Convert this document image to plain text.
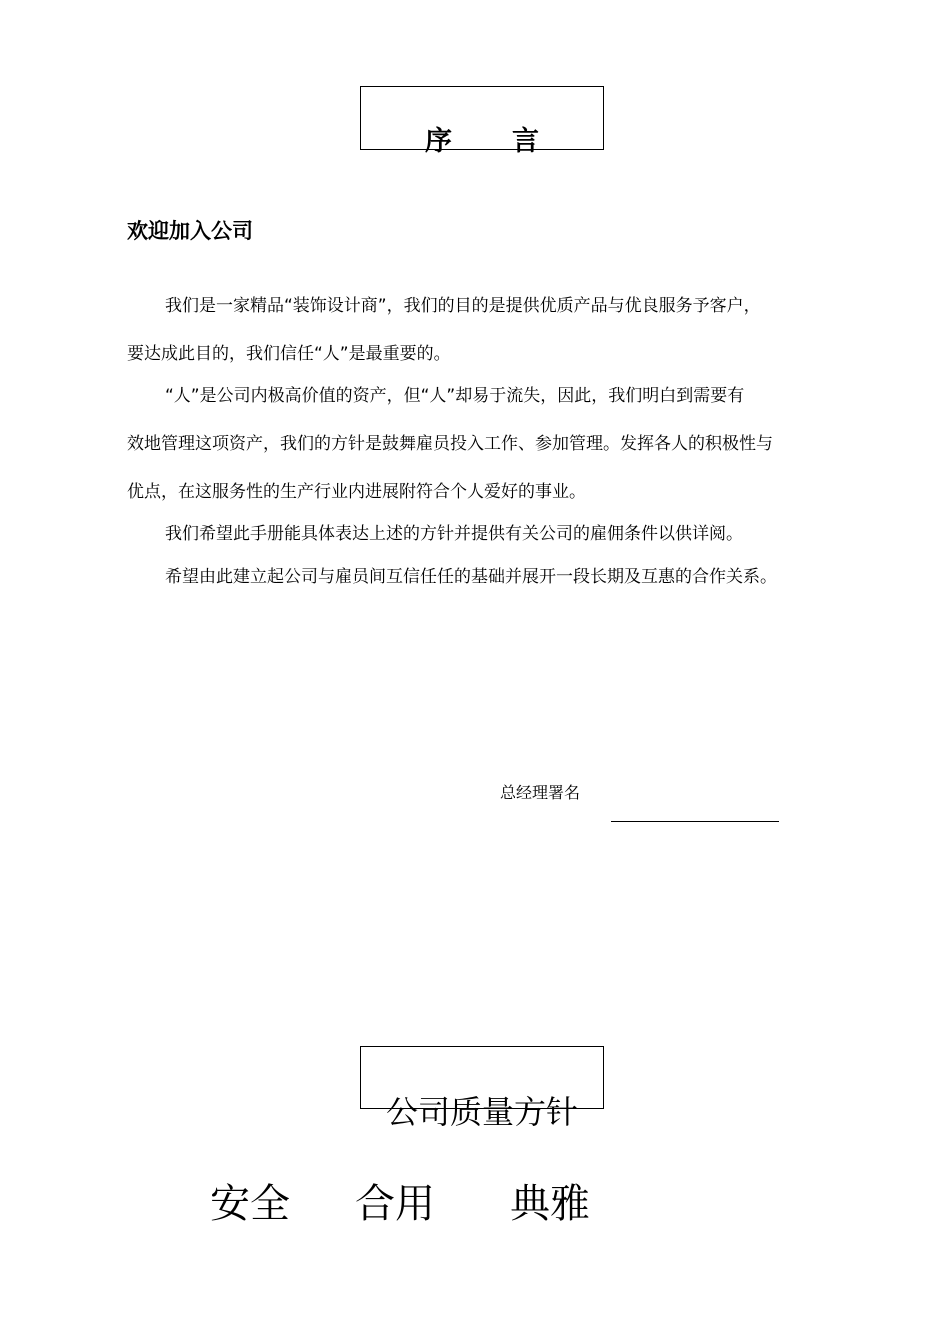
序言
欢迎加入公司
我们是一家精品“装饰设计商”，我们的目的是提供优质产品与优良服务予客户，
要达成此目的，我们信任“人”是最重要的。
“人”是公司内极高价值的资产，但“人”却易于流失，因此，我们明白到需要有
效地管理这项资产，我们的方针是鼓舞雇员投入工作、参加管理。发挥各人的积极性与
优点，在这服务性的生产行业内进展附符合个人爱好的事业。
我们希望此手册能具体表达上述的方针并提供有关公司的雇佣条件以供详阅。
希望由此建立起公司与雇员间互信任任的基础并展开一段长期及互惠的合作关系。
总经理署名
公司质量方针
安全 合用 典雅
